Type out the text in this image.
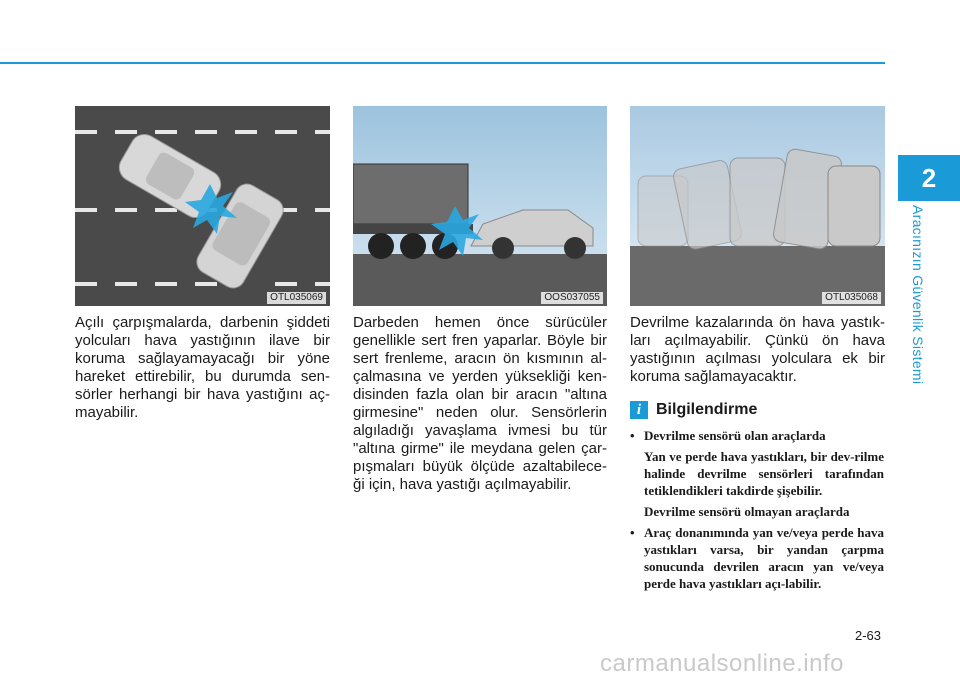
2
Aracınızın Güvenlik Sistemi
OTL035069	OOS037055	OTL035068
Açılı çarpışmalarda, darbenin şiddeti yolcuları hava yastığının ilave bir koruma sağlayamayacağı bir yöne hareket ettirebilir, bu durumda sen-sörler herhangi bir hava yastığını aç-mayabilir.
Darbeden hemen önce sürücüler genellikle sert fren yaparlar. Böyle bir sert frenleme, aracın ön kısmının al-çalmasına ve yerden yüksekliği ken-disinden fazla olan bir aracın "altına girmesine" neden olur. Sensörlerin algıladığı yavaşlama ivmesi bu tür "altına girme" ile meydana gelen çar-pışmaları büyük ölçüde azaltabilece-ği için, hava yastığı açılmayabilir.
Devrilme kazalarında ön hava yastık-ları açılmayabilir. Çünkü ön hava yastığının açılması yolculara ek bir koruma sağlamayacaktır.
i Bilgilendirme
• Devrilme sensörü olan araçlarda
Yan ve perde hava yastıkları, bir dev-rilme halinde devrilme sensörleri tarafından tetiklendikleri takdirde şişebilir.
Devrilme sensörü olmayan araçlarda
• Araç donanımında yan ve/veya perde hava yastıkları varsa, bir yandan çarpma sonucunda devrilen aracın yan ve/veya perde hava yastıkları açı-labilir.
2-63
carmanualsonline.info
